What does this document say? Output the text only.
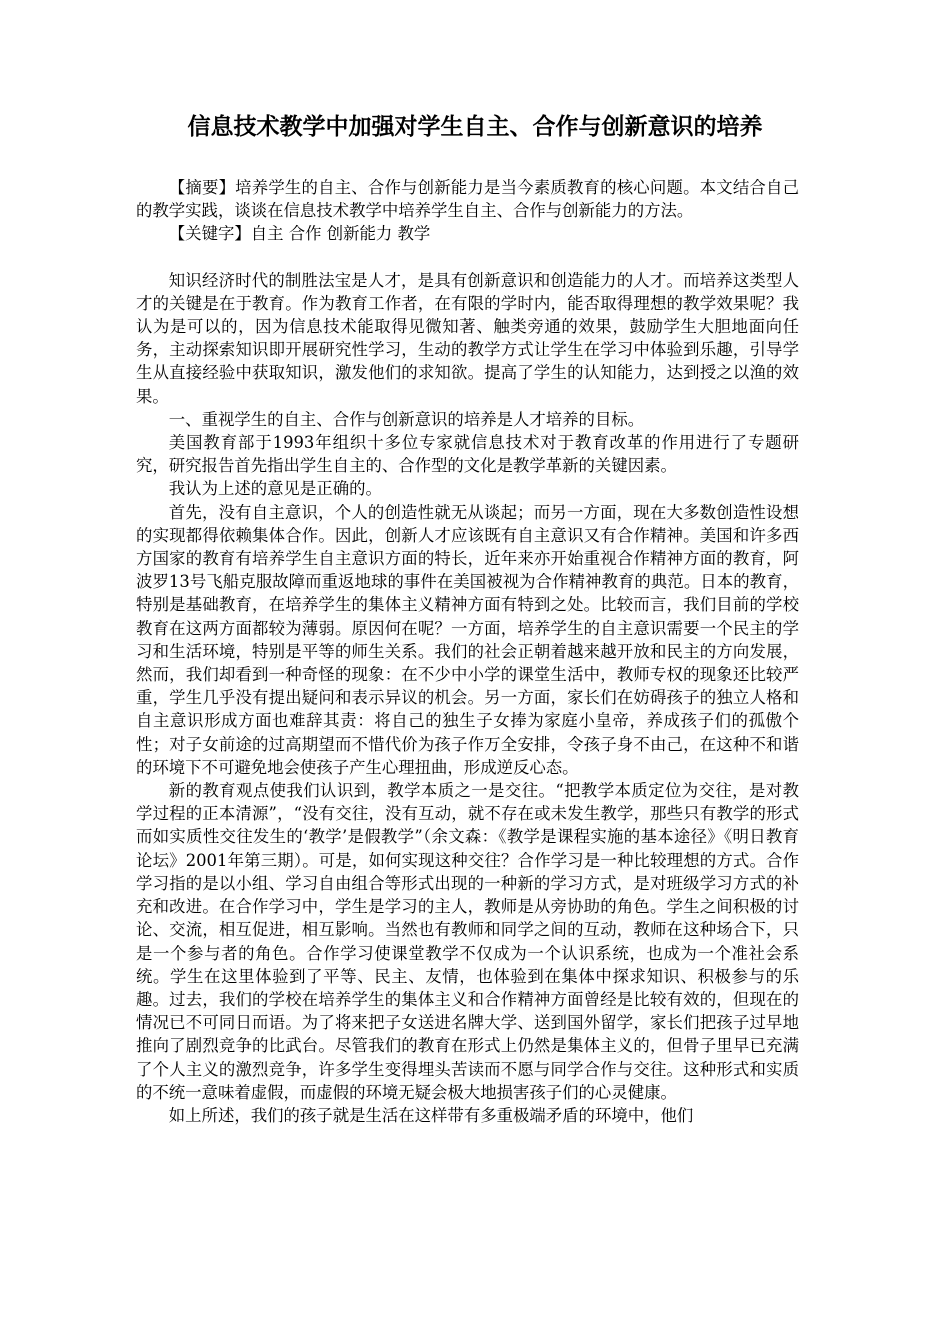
信息技术教学中加强对学生自主、合作与创新意识的培养

【摘要】培养学生的自主、合作与创新能力是当今素质教育的核心问题。本文结合自己的教学实践，谈谈在信息技术教学中培养学生自主、合作与创新能力的方法。

【关键字】自主 合作 创新能力 教学

知识经济时代的制胜法宝是人才，是具有创新意识和创造能力的人才。而培养这类型人才的关键是在于教育。作为教育工作者，在有限的学时内，能否取得理想的教学效果呢？我认为是可以的，因为信息技术能取得见微知著、触类旁通的效果，鼓励学生大胆地面向任务，主动探索知识即开展研究性学习，生动的教学方式让学生在学习中体验到乐趣，引导学生从直接经验中获取知识，激发他们的求知欲。提高了学生的认知能力，达到授之以渔的效果。

一、重视学生的自主、合作与创新意识的培养是人才培养的目标。

美国教育部于1993年组织十多位专家就信息技术对于教育改革的作用进行了专题研究，研究报告首先指出学生自主的、合作型的文化是教学革新的关键因素。

我认为上述的意见是正确的。

首先，没有自主意识，个人的创造性就无从谈起；而另一方面，现在大多数创造性设想的实现都得依赖集体合作。因此，创新人才应该既有自主意识又有合作精神。美国和许多西方国家的教育有培养学生自主意识方面的特长，近年来亦开始重视合作精神方面的教育，阿波罗13号飞船克服故障而重返地球的事件在美国被视为合作精神教育的典范。日本的教育，特别是基础教育，在培养学生的集体主义精神方面有特到之处。比较而言，我们目前的学校教育在这两方面都较为薄弱。原因何在呢？一方面，培养学生的自主意识需要一个民主的学习和生活环境，特别是平等的师生关系。我们的社会正朝着越来越开放和民主的方向发展，然而，我们却看到一种奇怪的现象：在不少中小学的课堂生活中，教师专权的现象还比较严重，学生几乎没有提出疑问和表示异议的机会。另一方面，家长们在妨碍孩子的独立人格和自主意识形成方面也难辞其责：将自己的独生子女捧为家庭小皇帝，养成孩子们的孤傲个性；对子女前途的过高期望而不惜代价为孩子作万全安排，令孩子身不由己，在这种不和谐的环境下不可避免地会使孩子产生心理扭曲，形成逆反心态。

新的教育观点使我们认识到，教学本质之一是交往。“把教学本质定位为交往，是对教学过程的正本清源”，“没有交往，没有互动，就不存在或未发生教学，那些只有教学的形式而如实质性交往发生的‘教学’是假教学”（余文森：《教学是课程实施的基本途径》《明日教育论坛》2001年第三期）。可是，如何实现这种交往？合作学习是一种比较理想的方式。合作学习指的是以小组、学习自由组合等形式出现的一种新的学习方式，是对班级学习方式的补充和改进。在合作学习中，学生是学习的主人，教师是从旁协助的角色。学生之间积极的讨论、交流，相互促进，相互影响。当然也有教师和同学之间的互动，教师在这种场合下，只是一个参与者的角色。合作学习使课堂教学不仅成为一个认识系统，也成为一个准社会系统。学生在这里体验到了平等、民主、友情，也体验到在集体中探求知识、积极参与的乐趣。过去，我们的学校在培养学生的集体主义和合作精神方面曾经是比较有效的，但现在的情况已不可同日而语。为了将来把子女送进名牌大学、送到国外留学，家长们把孩子过早地推向了剧烈竞争的比武台。尽管我们的教育在形式上仍然是集体主义的，但骨子里早已充满了个人主义的激烈竞争，许多学生变得埋头苦读而不愿与同学合作与交往。这种形式和实质的不统一意味着虚假，而虚假的环境无疑会极大地损害孩子们的心灵健康。

如上所述，我们的孩子就是生活在这样带有多重极端矛盾的环境中，他们
